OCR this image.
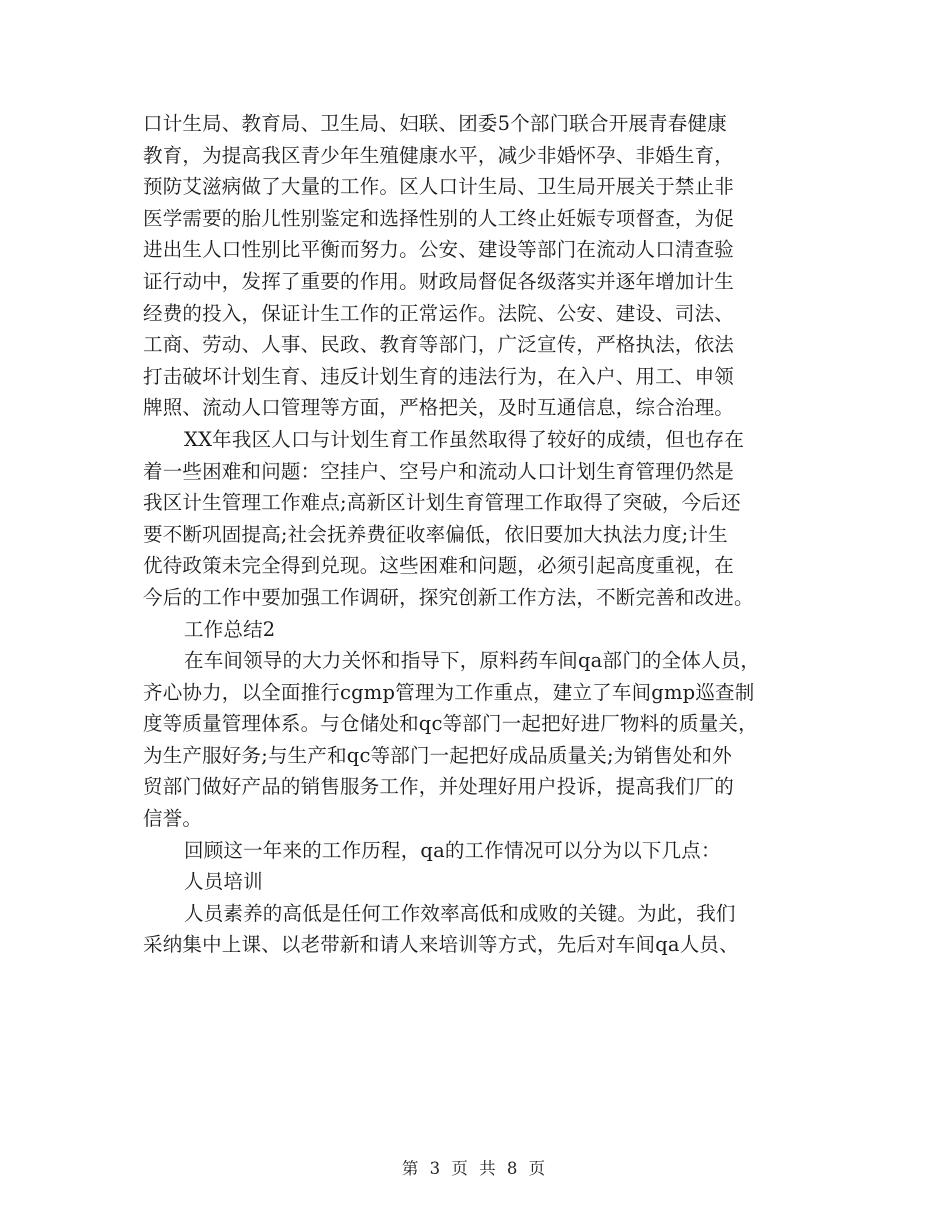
口计生局、教育局、卫生局、妇联、团委5个部门联合开展青春健康
教育，为提高我区青少年生殖健康水平，减少非婚怀孕、非婚生育，
预防艾滋病做了大量的工作。区人口计生局、卫生局开展关于禁止非
医学需要的胎儿性别鉴定和选择性别的人工终止妊娠专项督查，为促
进出生人口性别比平衡而努力。公安、建设等部门在流动人口清查验
证行动中，发挥了重要的作用。财政局督促各级落实并逐年增加计生
经费的投入，保证计生工作的正常运作。法院、公安、建设、司法、
工商、劳动、人事、民政、教育等部门，广泛宣传，严格执法，依法
打击破坏计划生育、违反计划生育的违法行为，在入户、用工、申领
牌照、流动人口管理等方面，严格把关，及时互通信息，综合治理。
XX年我区人口与计划生育工作虽然取得了较好的成绩，但也存在
着一些困难和问题：空挂户、空号户和流动人口计划生育管理仍然是
我区计生管理工作难点;高新区计划生育管理工作取得了突破，今后还
要不断巩固提高;社会抚养费征收率偏低，依旧要加大执法力度;计生
优待政策未完全得到兑现。这些困难和问题，必须引起高度重视，在
今后的工作中要加强工作调研，探究创新工作方法，不断完善和改进。
工作总结2
在车间领导的大力关怀和指导下，原料药车间qa部门的全体人员，
齐心协力，以全面推行cgmp管理为工作重点，建立了车间gmp巡查制
度等质量管理体系。与仓储处和qc等部门一起把好进厂物料的质量关，
为生产服好务;与生产和qc等部门一起把好成品质量关;为销售处和外
贸部门做好产品的销售服务工作，并处理好用户投诉，提高我们厂的
信誉。
回顾这一年来的工作历程，qa的工作情况可以分为以下几点：
人员培训
人员素养的高低是任何工作效率高低和成败的关键。为此，我们
采纳集中上课、以老带新和请人来培训等方式，先后对车间qa人员、
第 3 页 共 8 页
